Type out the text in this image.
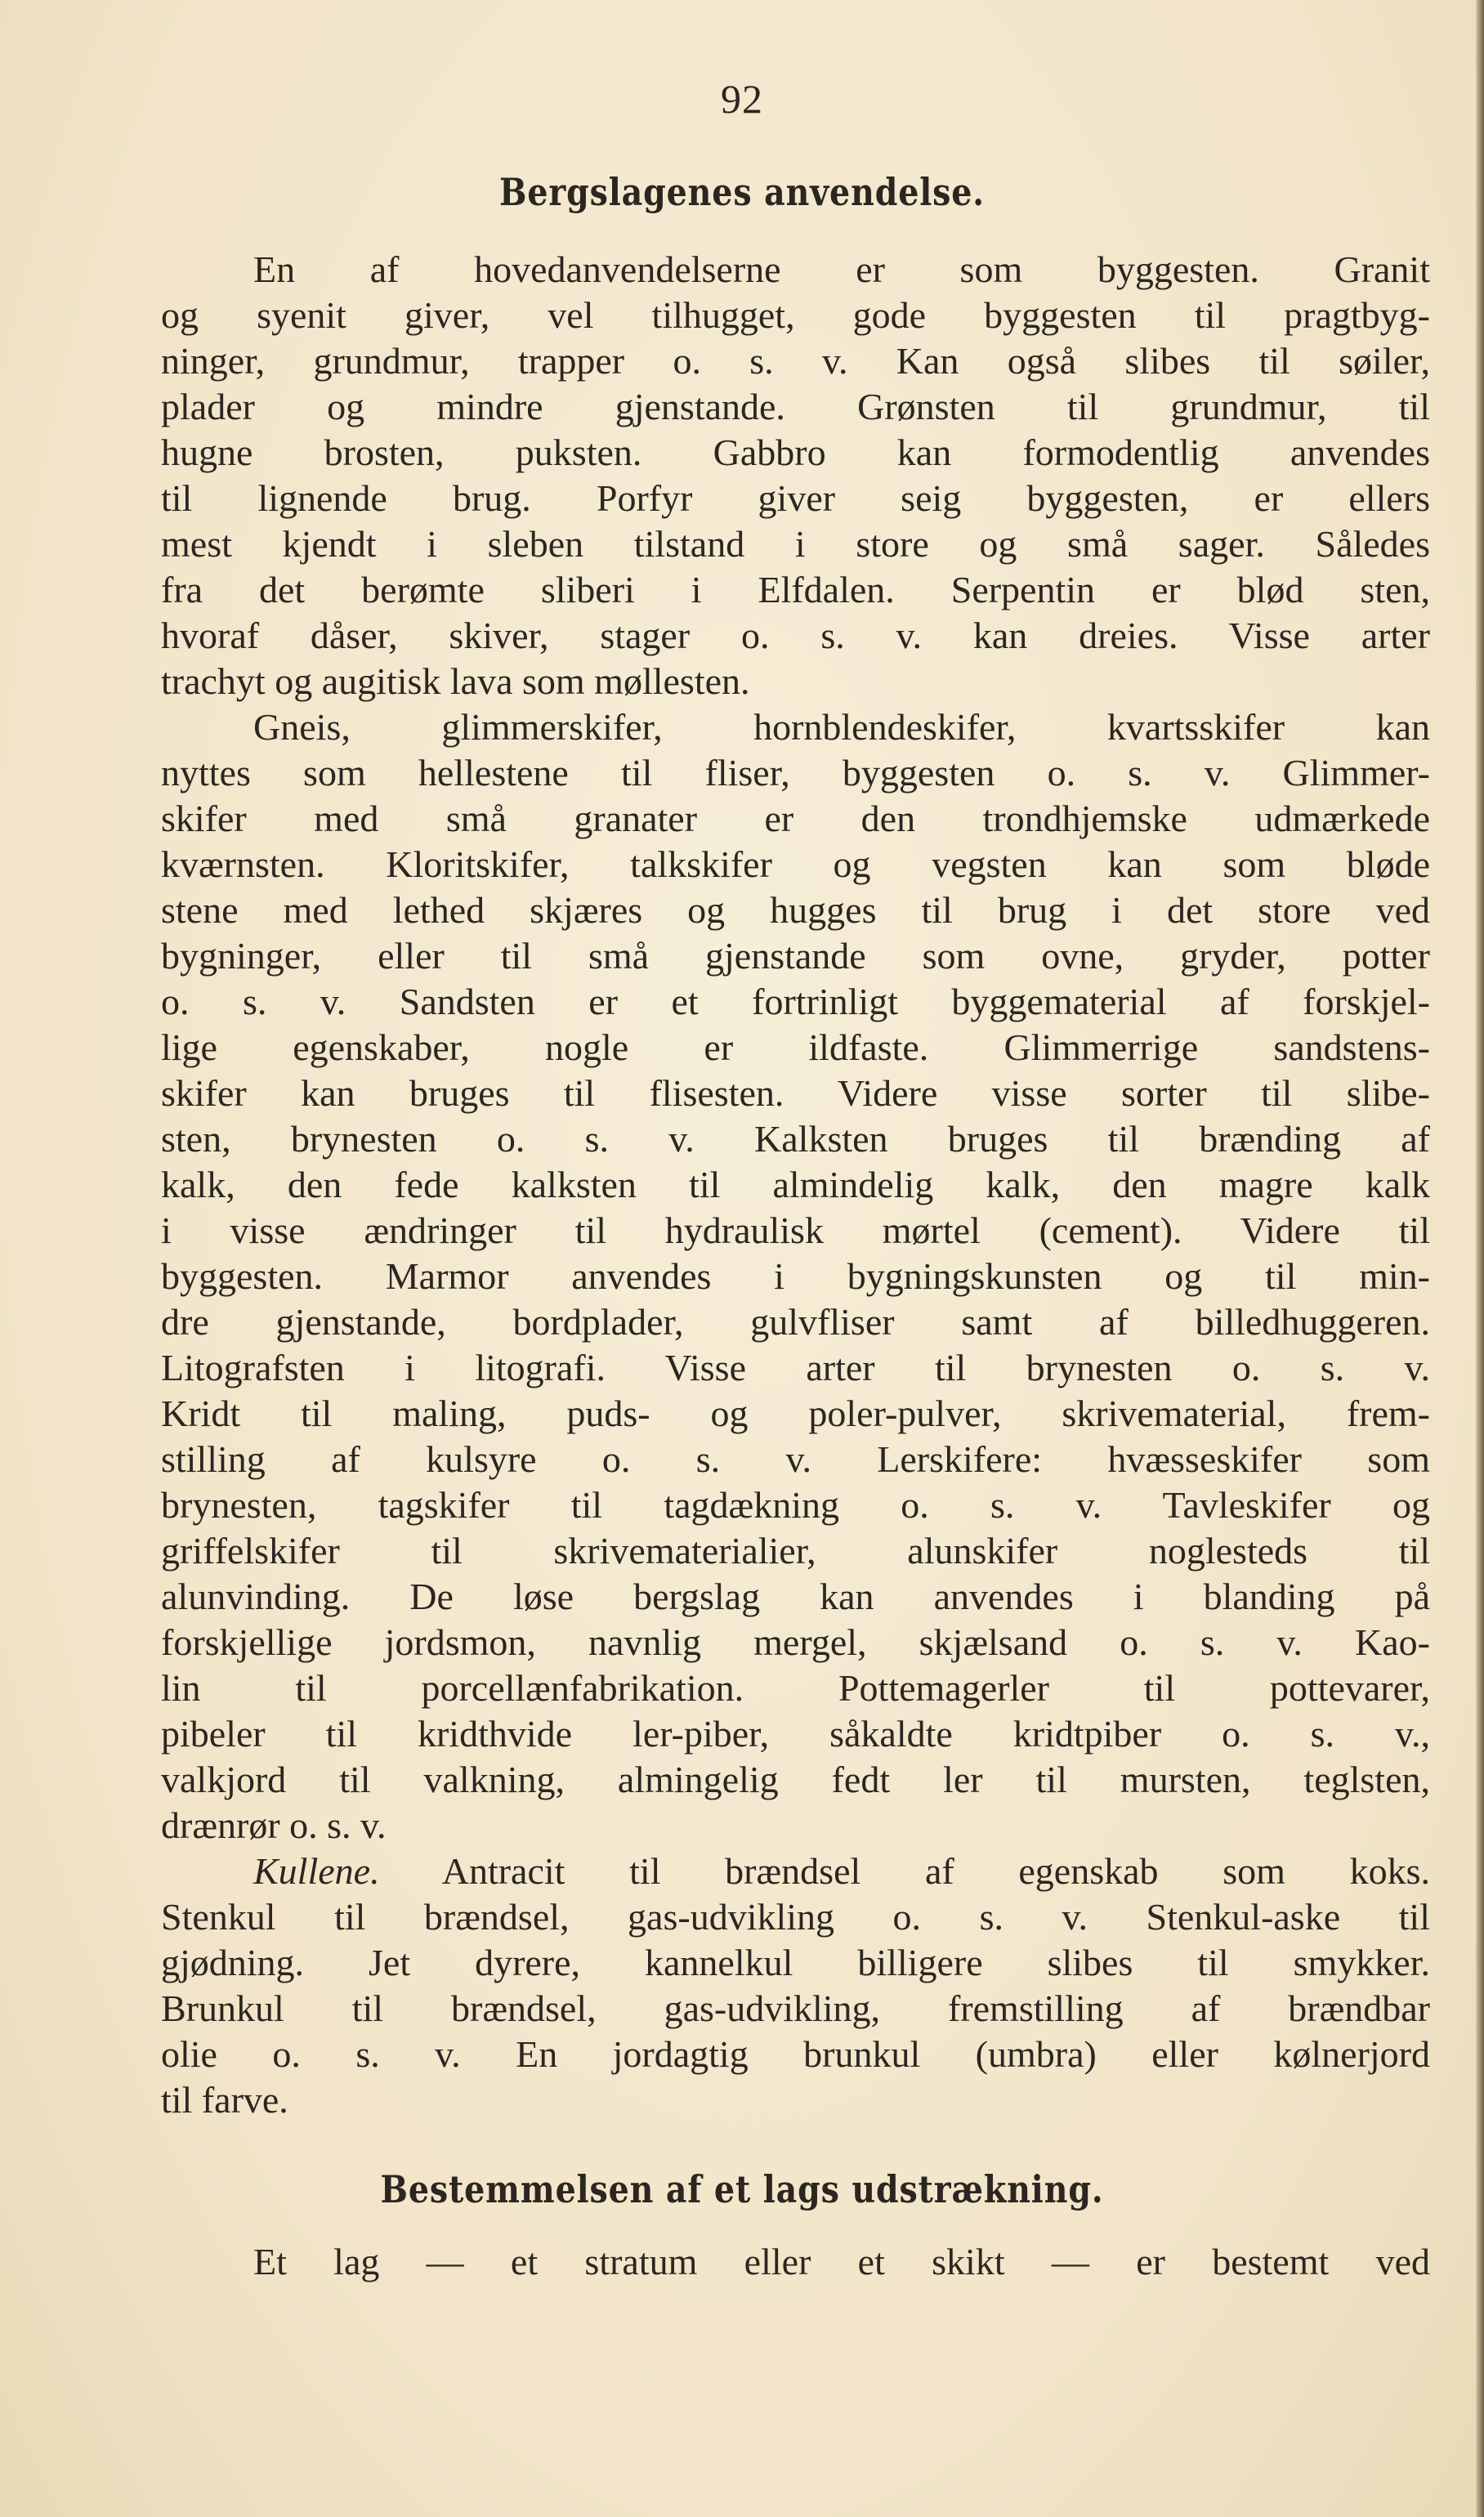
92
Bergslagenes anvendelse.
En af hovedanvendelserne er som byggesten. Granit
og syenit giver, vel tilhugget, gode byggesten til pragtbyg-
ninger, grundmur, trapper o. s. v. Kan også slibes til søiler,
plader og mindre gjenstande. Grønsten til grundmur, til
hugne brosten, puksten. Gabbro kan formodentlig anvendes
til lignende brug. Porfyr giver seig byggesten, er ellers
mest kjendt i sleben tilstand i store og små sager. Således
fra det berømte sliberi i Elfdalen. Serpentin er blød sten,
hvoraf dåser, skiver, stager o. s. v. kan dreies. Visse arter
trachyt og augitisk lava som møllesten.
Gneis, glimmerskifer, hornblendeskifer, kvartsskifer kan
nyttes som hellestene til fliser, byggesten o. s. v. Glimmer-
skifer med små granater er den trondhjemske udmærkede
kværnsten. Kloritskifer, talkskifer og vegsten kan som bløde
stene med lethed skjæres og hugges til brug i det store ved
bygninger, eller til små gjenstande som ovne, gryder, potter
o. s. v. Sandsten er et fortrinligt byggematerial af forskjel-
lige egenskaber, nogle er ildfaste. Glimmerrige sandstens-
skifer kan bruges til flisesten. Videre visse sorter til slibe-
sten, brynesten o. s. v. Kalksten bruges til brænding af
kalk, den fede kalksten til almindelig kalk, den magre kalk
i visse ændringer til hydraulisk mørtel (cement). Videre til
byggesten. Marmor anvendes i bygningskunsten og til min-
dre gjenstande, bordplader, gulvfliser samt af billedhuggeren.
Litografsten i litografi. Visse arter til brynesten o. s. v.
Kridt til maling, puds- og poler-pulver, skrivematerial, frem-
stilling af kulsyre o. s. v. Lerskifere: hvæsseskifer som
brynesten, tagskifer til tagdækning o. s. v. Tavleskifer og
griffelskifer til skrivematerialier, alunskifer noglesteds til
alunvinding. De løse bergslag kan anvendes i blanding på
forskjellige jordsmon, navnlig mergel, skjælsand o. s. v. Kao-
lin til porcellænfabrikation. Pottemagerler til pottevarer,
pibeler til kridthvide ler-piber, såkaldte kridtpiber o. s. v.,
valkjord til valkning, almingelig fedt ler til mursten, teglsten,
drænrør o. s. v.
Kullene. Antracit til brændsel af egenskab som koks.
Stenkul til brændsel, gas-udvikling o. s. v. Stenkul-aske til
gjødning. Jet dyrere, kannelkul billigere slibes til smykker.
Brunkul til brændsel, gas-udvikling, fremstilling af brændbar
olie o. s. v. En jordagtig brunkul (umbra) eller kølnerjord
til farve.
Bestemmelsen af et lags udstrækning.
Et lag — et stratum eller et skikt — er bestemt ved
